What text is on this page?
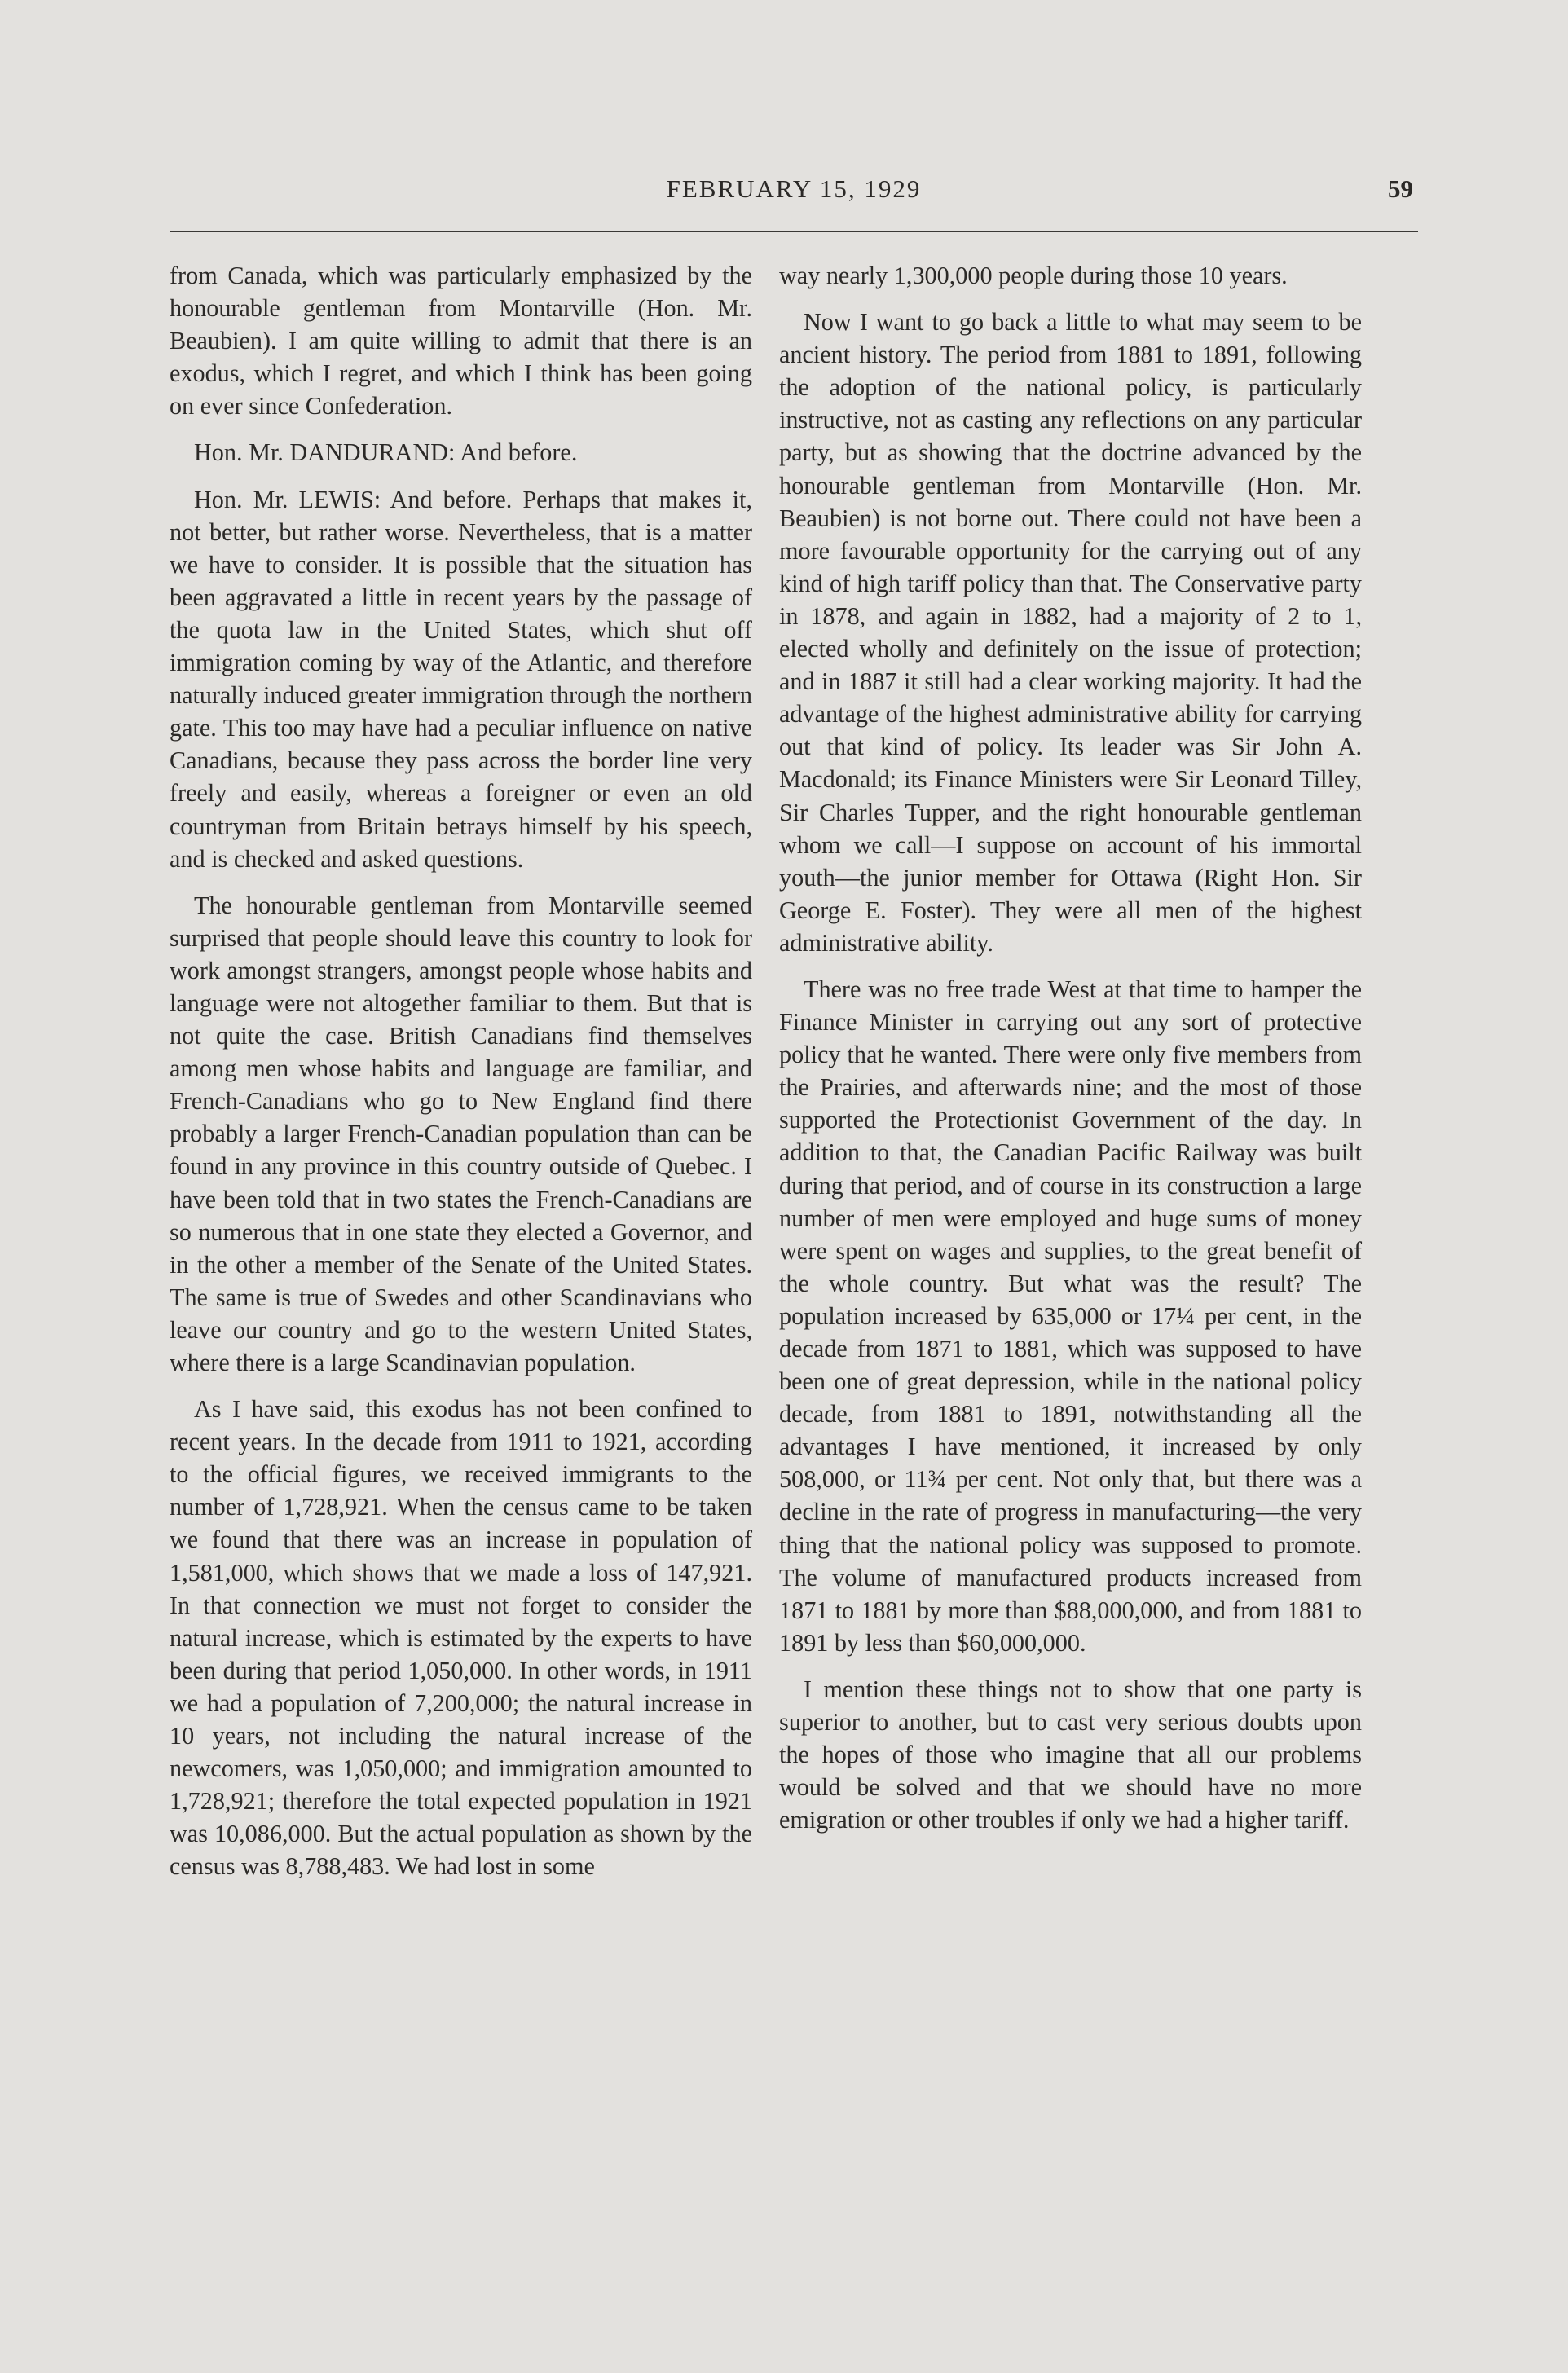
FEBRUARY 15, 1929	59

from Canada, which was particularly emphasized by the honourable gentleman from Montarville (Hon. Mr. Beaubien). I am quite willing to admit that there is an exodus, which I regret, and which I think has been going on ever since Confederation.

Hon. Mr. DANDURAND: And before.

Hon. Mr. LEWIS: And before. Perhaps that makes it, not better, but rather worse. Nevertheless, that is a matter we have to consider. It is possible that the situation has been aggravated a little in recent years by the passage of the quota law in the United States, which shut off immigration coming by way of the Atlantic, and therefore naturally induced greater immigration through the northern gate. This too may have had a peculiar influence on native Canadians, because they pass across the border line very freely and easily, whereas a foreigner or even an old countryman from Britain betrays himself by his speech, and is checked and asked questions.

The honourable gentleman from Montarville seemed surprised that people should leave this country to look for work amongst strangers, amongst people whose habits and language were not altogether familiar to them. But that is not quite the case. British Canadians find themselves among men whose habits and language are familiar, and French-Canadians who go to New England find there probably a larger French-Canadian population than can be found in any province in this country outside of Quebec. I have been told that in two states the French-Canadians are so numerous that in one state they elected a Governor, and in the other a member of the Senate of the United States. The same is true of Swedes and other Scandinavians who leave our country and go to the western United States, where there is a large Scandinavian population.

As I have said, this exodus has not been confined to recent years. In the decade from 1911 to 1921, according to the official figures, we received immigrants to the number of 1,728,921. When the census came to be taken we found that there was an increase in population of 1,581,000, which shows that we made a loss of 147,921. In that connection we must not forget to consider the natural increase, which is estimated by the experts to have been during that period 1,050,000. In other words, in 1911 we had a population of 7,200,000; the natural increase in 10 years, not including the natural increase of the newcomers, was 1,050,000; and immigration amounted to 1,728,921; therefore the total expected population in 1921 was 10,086,000. But the actual population as shown by the census was 8,788,483. We had lost in some

way nearly 1,300,000 people during those 10 years.

Now I want to go back a little to what may seem to be ancient history. The period from 1881 to 1891, following the adoption of the national policy, is particularly instructive, not as casting any reflections on any particular party, but as showing that the doctrine advanced by the honourable gentleman from Montarville (Hon. Mr. Beaubien) is not borne out. There could not have been a more favourable opportunity for the carrying out of any kind of high tariff policy than that. The Conservative party in 1878, and again in 1882, had a majority of 2 to 1, elected wholly and definitely on the issue of protection; and in 1887 it still had a clear working majority. It had the advantage of the highest administrative ability for carrying out that kind of policy. Its leader was Sir John A. Macdonald; its Finance Ministers were Sir Leonard Tilley, Sir Charles Tupper, and the right honourable gentleman whom we call—I suppose on account of his immortal youth—the junior member for Ottawa (Right Hon. Sir George E. Foster). They were all men of the highest administrative ability.

There was no free trade West at that time to hamper the Finance Minister in carrying out any sort of protective policy that he wanted. There were only five members from the Prairies, and afterwards nine; and the most of those supported the Protectionist Government of the day. In addition to that, the Canadian Pacific Railway was built during that period, and of course in its construction a large number of men were employed and huge sums of money were spent on wages and supplies, to the great benefit of the whole country. But what was the result? The population increased by 635,000 or 17¼ per cent, in the decade from 1871 to 1881, which was supposed to have been one of great depression, while in the national policy decade, from 1881 to 1891, notwithstanding all the advantages I have mentioned, it increased by only 508,000, or 11¾ per cent. Not only that, but there was a decline in the rate of progress in manufacturing—the very thing that the national policy was supposed to promote. The volume of manufactured products increased from 1871 to 1881 by more than $88,000,000, and from 1881 to 1891 by less than $60,000,000.

I mention these things not to show that one party is superior to another, but to cast very serious doubts upon the hopes of those who imagine that all our problems would be solved and that we should have no more emigration or other troubles if only we had a higher tariff.
